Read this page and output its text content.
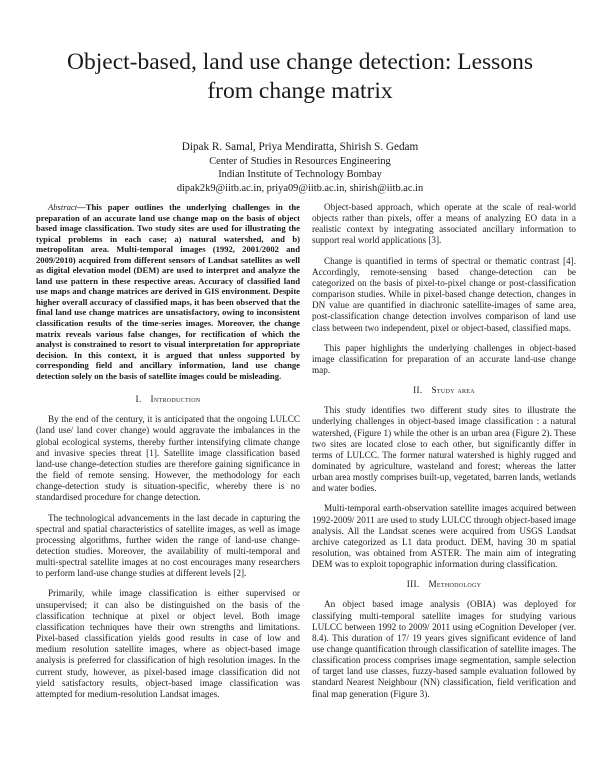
Object-based, land use change detection: Lessons
from change matrix
Dipak R. Samal, Priya Mendiratta, Shirish S. Gedam
Center of Studies in Resources Engineering
Indian Institute of Technology Bombay
dipak2k9@iitb.ac.in, priya09@iitb.ac.in, shirish@iitb.ac.in

Abstract—This paper outlines the underlying challenges in the preparation of an accurate land use change map on the basis of object based image classification. Two study sites are used for illustrating the typical problems in each case; a) natural watershed, and b) metropolitan area. Multi-temporal images (1992, 2001/2002 and 2009/2010) acquired from different sensors of Landsat satellites as well as digital elevation model (DEM) are used to interpret and analyze the land use pattern in these respective areas. Accuracy of classified land use maps and change matrices are derived in GIS environment. Despite higher overall accuracy of classified maps, it has been observed that the final land use change matrices are unsatisfactory, owing to inconsistent classification results of the time-series images. Moreover, the change matrix reveals various false changes, for rectification of which the analyst is constrained to resort to visual interpretation for appropriate decision. In this context, it is argued that unless supported by corresponding field and ancillary information, land use change detection solely on the basis of satellite images could be misleading.

I. Introduction

By the end of the century, it is anticipated that the ongoing LULCC (land use/ land cover change) would aggravate the imbalances in the global ecological systems, thereby further intensifying climate change and invasive species threat [1]. Satellite image classification based land-use change-detection studies are therefore gaining significance in the field of remote sensing. However, the methodology for each change-detection study is situation-specific, whereby there is no standardised procedure for change detection.

The technological advancements in the last decade in capturing the spectral and spatial characteristics of satellite images, as well as image processing algorithms, further widen the range of land-use change-detection studies. Moreover, the availability of multi-temporal and multi-spectral satellite images at no cost encourages many researchers to perform land-use change studies at different levels [2].

Primarily, while image classification is either supervised or unsupervised; it can also be distinguished on the basis of the classification technique at pixel or object level. Both image classification techniques have their own strengths and limitations. Pixel-based classification yields good results in case of low and medium resolution satellite images, where as object-based image analysis is preferred for classification of high resolution images. In the current study, however, as pixel-based image classification did not yield satisfactory results, object-based image classification was attempted for medium-resolution Landsat images.

Object-based approach, which operate at the scale of real-world objects rather than pixels, offer a means of analyzing EO data in a realistic context by integrating associated ancillary information to support real world applications [3].

Change is quantified in terms of spectral or thematic contrast [4]. Accordingly, remote-sensing based change-detection can be categorized on the basis of pixel-to-pixel change or post-classification comparison studies. While in pixel-based change detection, changes in DN value are quantified in diachronic satellite-images of same area, post-classification change detection involves comparison of land use class between two independent, pixel or object-based, classified maps.

This paper highlights the underlying challenges in object-based image classification for preparation of an accurate land-use change map.

II. Study area

This study identifies two different study sites to illustrate the underlying challenges in object-based image classification : a natural watershed, (Figure 1) while the other is an urban area (Figure 2). These two sites are located close to each other, but significantly differ in terms of LULCC. The former natural watershed is highly rugged and dominated by agriculture, wasteland and forest; whereas the latter urban area mostly comprises built-up, vegetated, barren lands, wetlands and water bodies.

Multi-temporal earth-observation satellite images acquired between 1992-2009/ 2011 are used to study LULCC through object-based image analysis. All the Landsat scenes were acquired from USGS Landsat archive categorized as L1 data product. DEM, having 30 m spatial resolution, was obtained from ASTER. The main aim of integrating DEM was to exploit topographic information during classification.

III. Methodology

An object based image analysis (OBIA) was deployed for classifying multi-temporal satellite images for studying various LULCC between 1992 to 2009/ 2011 using eCognition Developer (ver. 8.4). This duration of 17/ 19 years gives significant evidence of land use change quantification through classification of satellite images. The classification process comprises image segmentation, sample selection of target land use classes, fuzzy-based sample evaluation followed by standard Nearest Neighbour (NN) classification, field verification and final map generation (Figure 3).
